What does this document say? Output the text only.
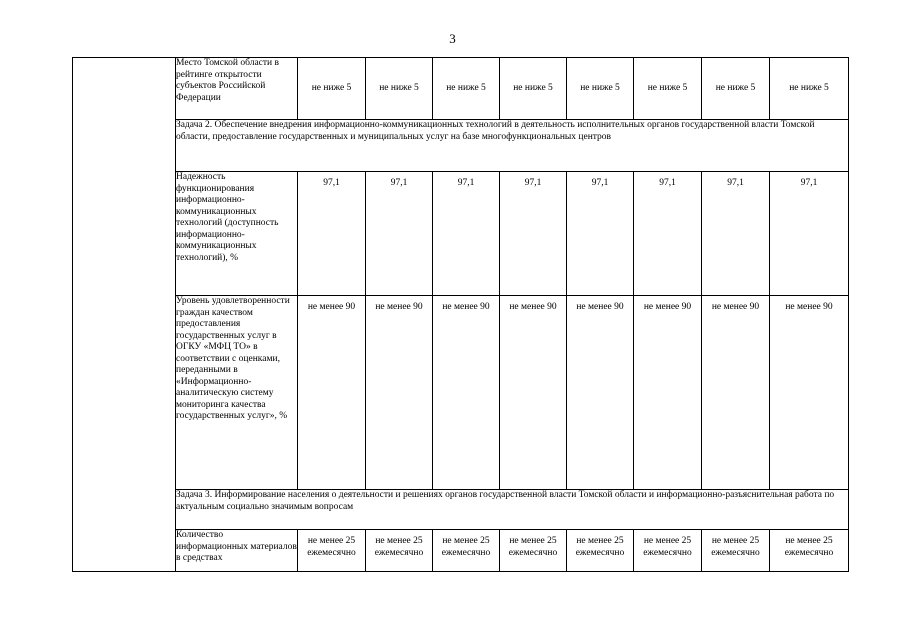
3
	Место Томской области в рейтинге открытости субъектов Российской Федерации	не ниже 5	не ниже 5	не ниже 5	не ниже 5	не ниже 5	не ниже 5	не ниже 5	не ниже 5
	Задача 2. Обеспечение внедрения информационно-коммуникационных технологий в деятельность исполнительных органов государственной власти Томской области, предоставление государственных и муниципальных услуг на базе многофункциональных центров								
	Надежность функционирования информационно-коммуникационных технологий (доступность информационно-коммуникационных технологий), %	97,1	97,1	97,1	97,1	97,1	97,1	97,1	97,1
	Уровень удовлетворенности граждан качеством предоставления государственных услуг в ОГКУ «МФЦ ТО» в соответствии с оценками, переданными в «Информационно-аналитическую систему мониторинга качества государственных услуг», %	не менее 90	не менее 90	не менее 90	не менее 90	не менее 90	не менее 90	не менее 90	не менее 90
	Задача 3. Информирование населения о деятельности и решениях органов государственной власти Томской области и информационно-разъяснительная работа по актуальным социально значимым вопросам								
	Количество информационных материалов в средствах	не менее 25 ежемесячно	не менее 25 ежемесячно	не менее 25 ежемесячно	не менее 25 ежемесячно	не менее 25 ежемесячно	не менее 25 ежемесячно	не менее 25 ежемесячно	не менее 25 ежемесячно
